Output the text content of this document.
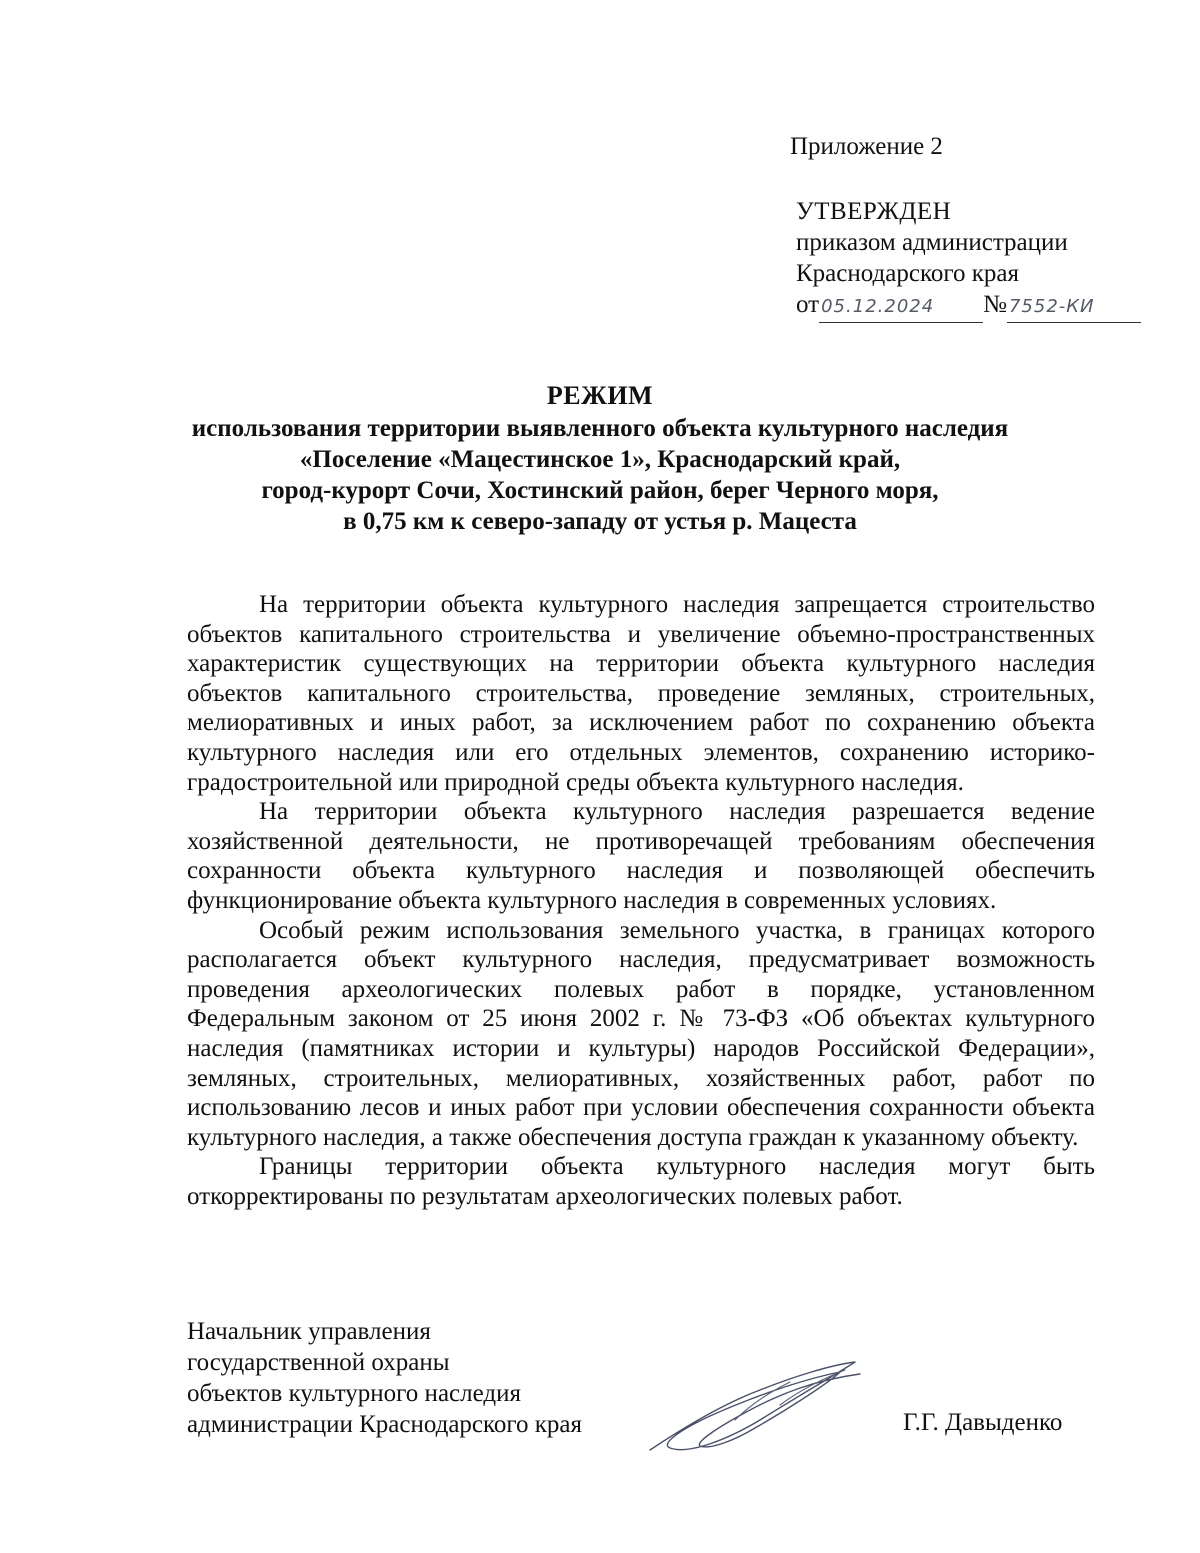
Приложение 2
УТВЕРЖДЕН
приказом администрации
Краснодарского края
от 05.12.2024 № 7552-КИ
РЕЖИМ
использования территории выявленного объекта культурного наследия
«Поселение «Мацестинское 1», Краснодарский край,
город-курорт Сочи, Хостинский район, берег Черного моря,
в 0,75 км к северо-западу от устья р. Мацеста

На территории объекта культурного наследия запрещается строительство объектов капитального строительства и увеличение объемно-пространственных характеристик существующих на территории объекта культурного наследия объектов капитального строительства, проведение земляных, строительных, мелиоративных и иных работ, за исключением работ по сохранению объекта культурного наследия или его отдельных элементов, сохранению историко-градостроительной или природной среды объекта культурного наследия.

На территории объекта культурного наследия разрешается ведение хозяйственной деятельности, не противоречащей требованиям обеспечения сохранности объекта культурного наследия и позволяющей обеспечить функционирование объекта культурного наследия в современных условиях.

Особый режим использования земельного участка, в границах которого располагается объект культурного наследия, предусматривает возможность проведения археологических полевых работ в порядке, установленном Федеральным законом от 25 июня 2002 г. № 73-ФЗ «Об объектах культурного наследия (памятниках истории и культуры) народов Российской Федерации», земляных, строительных, мелиоративных, хозяйственных работ, работ по использованию лесов и иных работ при условии обеспечения сохранности объекта культурного наследия, а также обеспечения доступа граждан к указанному объекту.

Границы территории объекта культурного наследия могут быть откорректированы по результатам археологических полевых работ.

Начальник управления
государственной охраны
объектов культурного наследия
администрации Краснодарского края	Г.Г. Давыденко
